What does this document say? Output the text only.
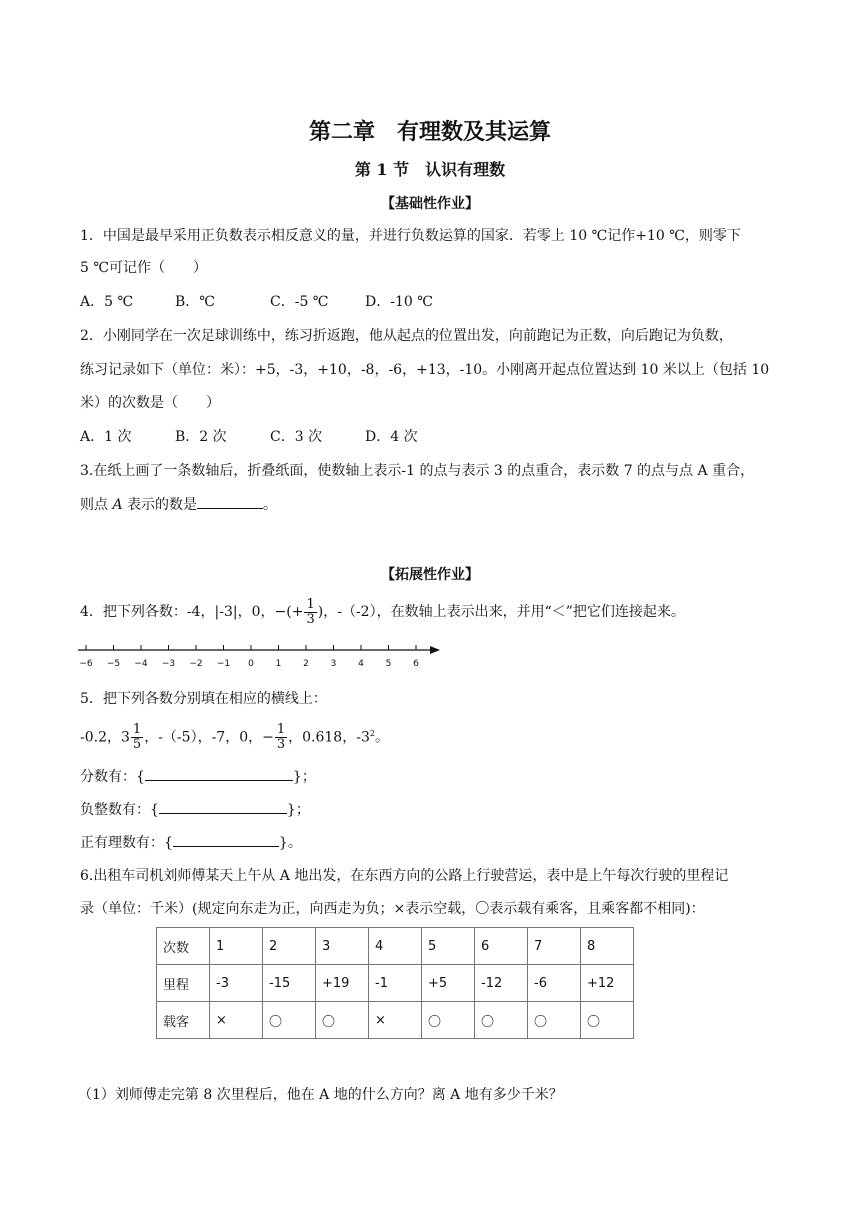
第二章　有理数及其运算
第 1 节　认识有理数
【基础性作业】
1．中国是最早采用正负数表示相反意义的量，并进行负数运算的国家．若零上 10 ℃记作+10 ℃，则零下
5 ℃可记作（　　）
A．5 ℃	B．℃	C．-5 ℃	D．-10 ℃
2．小刚同学在一次足球训练中，练习折返跑，他从起点的位置出发，向前跑记为正数，向后跑记为负数，
练习记录如下（单位：米）：+5，-3，+10，-8，-6，+13，-10。小刚离开起点位置达到 10 米以上（包括 10
米）的次数是（　　）
A．1 次	B．2 次	C．3 次	D．4 次
3.在纸上画了一条数轴后，折叠纸面，使数轴上表示-1 的点与表示 3 的点重合，表示数 7 的点与点 A 重合，
则点 A 表示的数是	。
【拓展性作业】
4．把下列各数：-4，|-3|，0，−(+ $\frac{1}{3}$ )，-（-2），在数轴上表示出来，并用“＜”把它们连接起来。
−6 −5 −4 −3 −2 −1 0 1 2 3 4 5 6
5．把下列各数分别填在相应的横线上：
-0.2，$3 \frac{1}{5}$ ，-（-5），-7，0，− $\frac{1}{3}$ ，0.618，$-3^2$。
分数有：{	}；
负整数有：{	}；
正有理数有：{	}。
6.出租车司机刘师傅某天上午从 A 地出发，在东西方向的公路上行驶营运，表中是上午每次行驶的里程记
录（单位：千米）(规定向东走为正，向西走为负；×表示空载，〇表示载有乘客，且乘客都不相同)：
次数	1	2	3	4	5	6	7	8
里程	-3	-15	+19	-1	+5	-12	-6	+12
载客	×	〇	〇	×	〇	〇	〇	〇
（1）刘师傅走完第 8 次里程后，他在 A 地的什么方向？离 A 地有多少千米？
